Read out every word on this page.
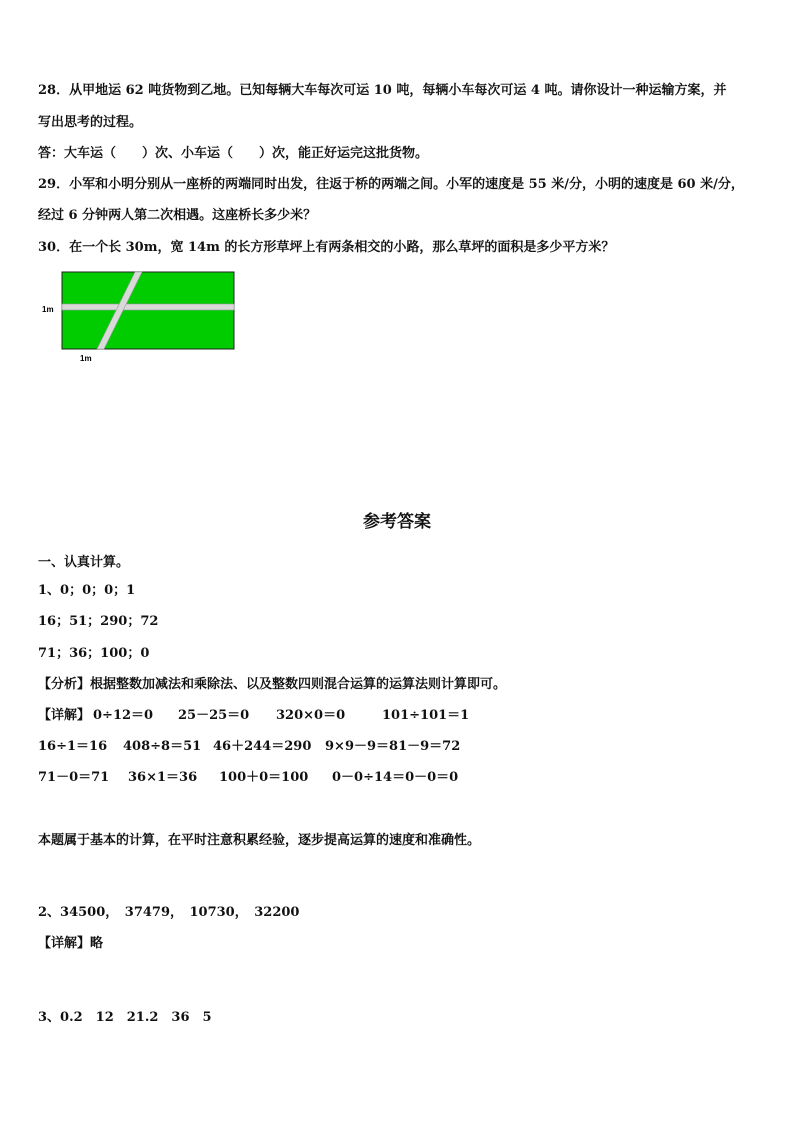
28．从甲地运 62 吨货物到乙地。已知每辆大车每次可运 10 吨，每辆小车每次可运 4 吨。请你设计一种运输方案，并
写出思考的过程。
答：大车运（　　）次、小车运（　　）次，能正好运完这批货物。
29．小军和小明分别从一座桥的两端同时出发，往返于桥的两端之间。小军的速度是 55 米/分，小明的速度是 60 米/分，
经过 6 分钟两人第二次相遇。这座桥长多少米？
30．在一个长 30m，宽 14m 的长方形草坪上有两条相交的小路，那么草坪的面积是多少平方米？
1m
1m
参考答案
一、认真计算。
1、0；0；0；1
16；51；290；72
71；36；100；0
【分析】根据整数加减法和乘除法、以及整数四则混合运算的运算法则计算即可。
【详解】 0÷12＝0 25－25＝0 320×0＝0	101÷101＝1
16÷1＝16 408÷8＝51 46＋244＝290 9×9－9＝81－9＝72
71－0＝71 36×1＝36 100＋0＝100 0－0÷14＝0－0＝0
本题属于基本的计算，在平时注意积累经验，逐步提高运算的速度和准确性。
2、34500，　37479，　10730，　32200
【详解】略
3、0.2　12　21.2　36　5
